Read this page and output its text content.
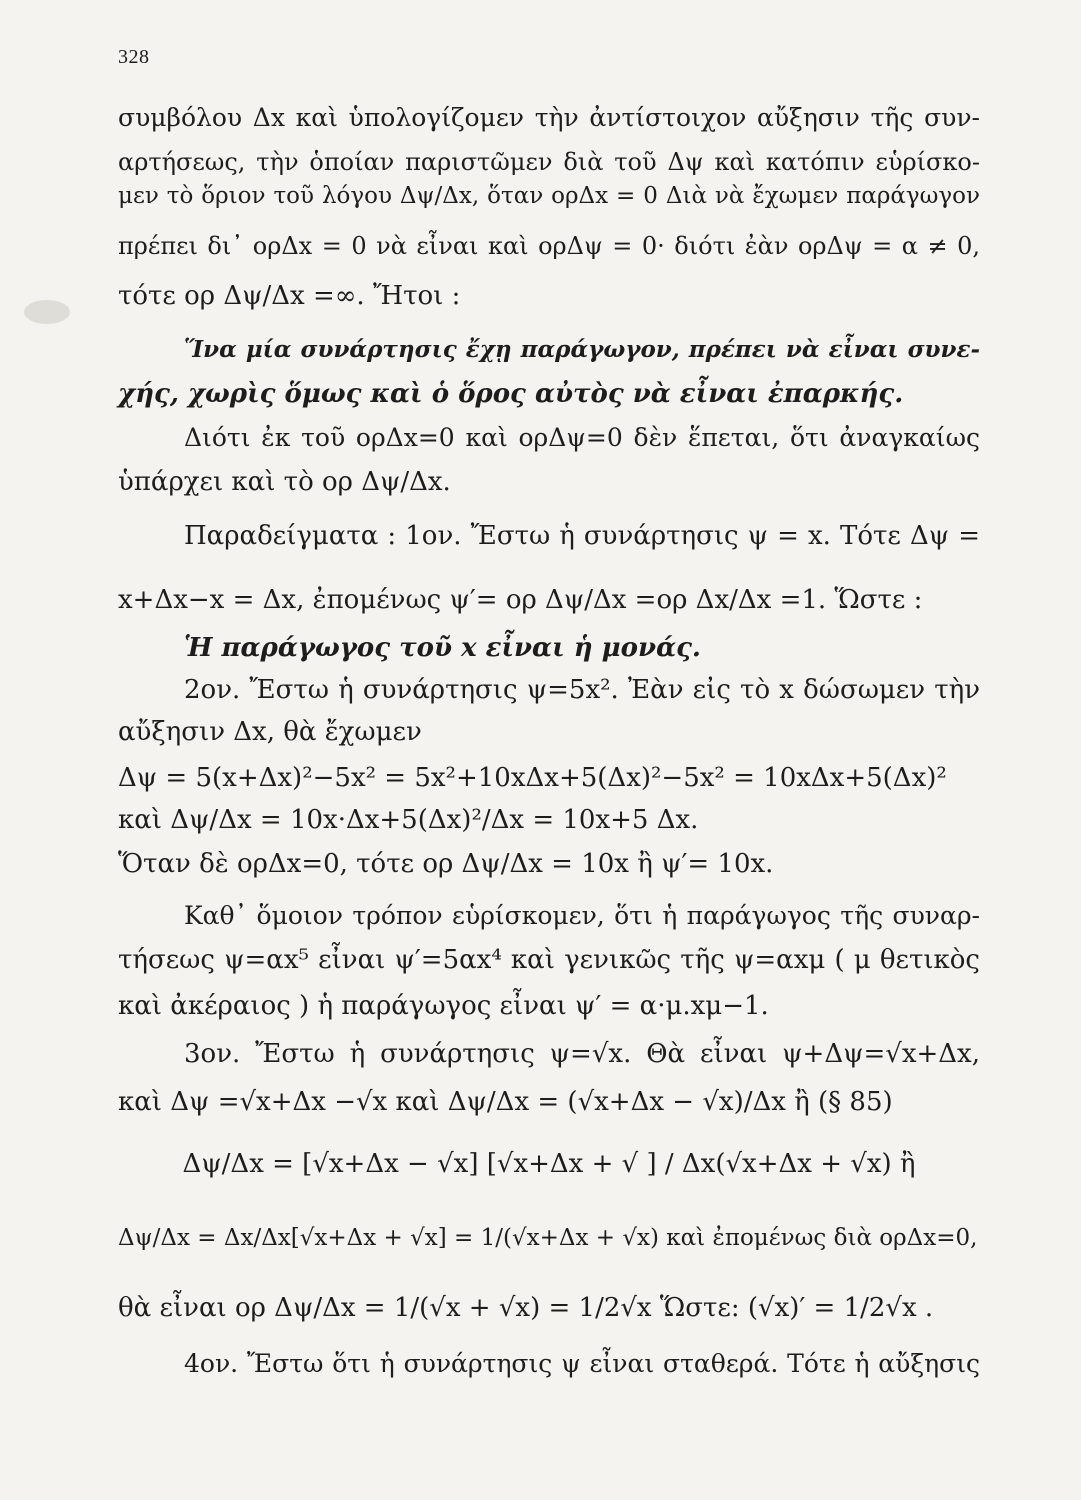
328
συμβόλου Δx καὶ ὑπολογίζομεν τὴν ἀντίστοιχον αὔξησιν τῆς συν-
αρτήσεως, τὴν ὁποίαν παριστῶμεν διὰ τοῦ Δψ καὶ κατόπιν εὑρίσκο-
μεν τὸ ὅριον τοῦ λόγου Δψ/Δx, ὅταν ορΔx = 0 Διὰ νὰ ἔχωμεν παράγωγον
πρέπει δι᾽ ορΔx = 0 νὰ εἶναι καὶ ορΔψ = 0· διότι ἐὰν ορΔψ = α ≠ 0,
τότε ορ Δψ/Δx =∞. Ἤτοι :
Ἵνα μία συνάρτησις ἔχῃ παράγωγον, πρέπει νὰ εἶναι συνε-
χής, χωρὶς ὅμως καὶ ὁ ὅρος αὐτὸς νὰ εἶναι ἐπαρκής.
Διότι ἐκ τοῦ ορΔx=0 καὶ ορΔψ=0 δὲν ἕπεται, ὅτι ἀναγκαίως
ὑπάρχει καὶ τὸ ορ Δψ/Δx.
Παραδείγματα : 1ον. Ἔστω ἡ συνάρτησις ψ = x. Τότε Δψ =
x+Δx−x = Δx, ἐπομένως ψ′= ορ Δψ/Δx =ορ Δx/Δx =1. Ὥστε :
Ἡ παράγωγος τοῦ x εἶναι ἡ μονάς.
2ον. Ἔστω ἡ συνάρτησις ψ=5x². Ἐὰν εἰς τὸ x δώσωμεν τὴν
αὔξησιν Δx, θὰ ἔχωμεν
Δψ = 5(x+Δx)²−5x² = 5x²+10xΔx+5(Δx)²−5x² = 10xΔx+5(Δx)²
καὶ Δψ/Δx = 10x·Δx+5(Δx)²/Δx = 10x+5 Δx.
Ὅταν δὲ ορΔx=0, τότε ορ Δψ/Δx = 10x ἢ ψ′= 10x.
Καθ᾽ ὅμοιον τρόπον εὑρίσκομεν, ὅτι ἡ παράγωγος τῆς συναρ-
τήσεως ψ=αx⁵ εἶναι ψ′=5αx⁴ καὶ γενικῶς τῆς ψ=αxμ ( μ θετικὸς
καὶ ἀκέραιος ) ἡ παράγωγος εἶναι ψ′ = α·μ.xμ−1.
3ον. Ἔστω ἡ συνάρτησις ψ=√x. Θὰ εἶναι ψ+Δψ=√x+Δx,
καὶ Δψ =√x+Δx −√x καὶ Δψ/Δx = (√x+Δx − √x)/Δx ἢ (§ 85)
Δψ/Δx = [√x+Δx − √x] [√x+Δx + √ ] / Δx(√x+Δx + √x) ἢ
Δψ/Δx = Δx/Δx[√x+Δx + √x] = 1/(√x+Δx + √x) καὶ ἐπομένως διὰ ορΔx=0,
θὰ εἶναι ορ Δψ/Δx = 1/(√x + √x) = 1/2√x Ὥστε: (√x)′ = 1/2√x .
4ον. Ἔστω ὅτι ἡ συνάρτησις ψ εἶναι σταθερά. Τότε ἡ αὔξησις
